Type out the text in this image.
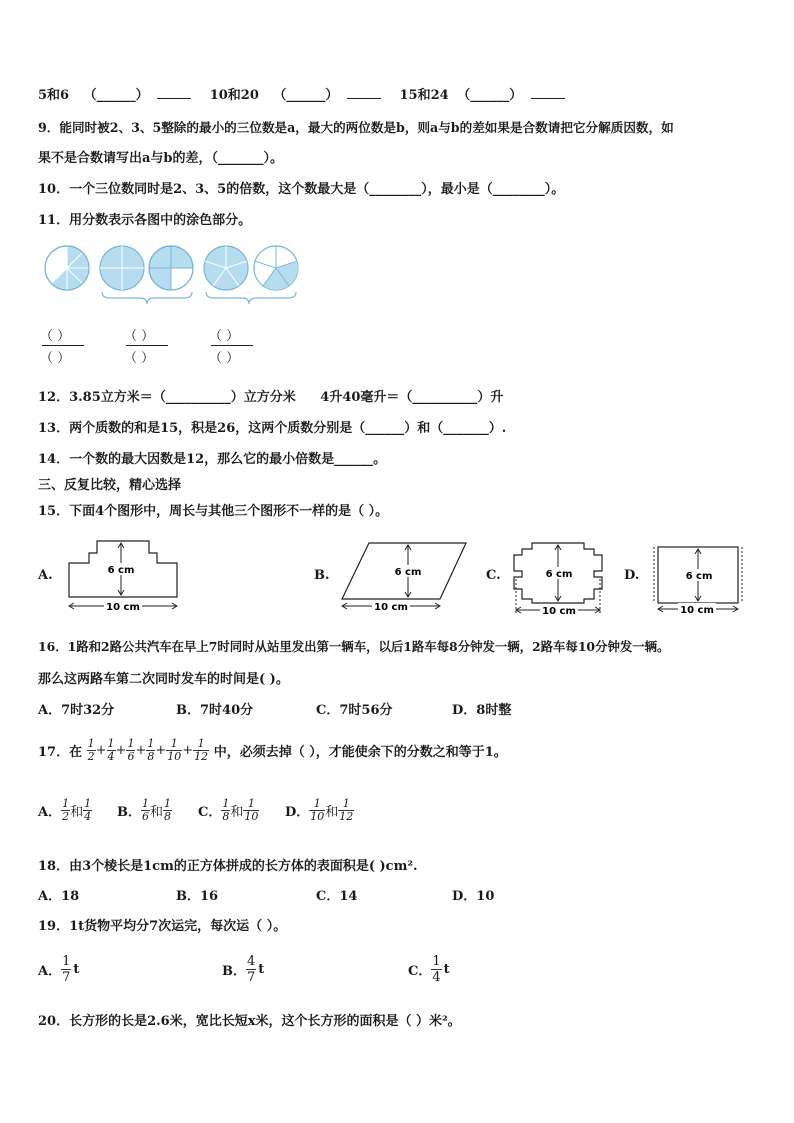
5和6 （______）	10和20 （______）	15和24 （______）
9．能同时被2、3、5整除的最小的三位数是a，最大的两位数是b，则a与b的差如果是合数请把它分解质因数，如
果不是合数请写出a与b的差，（_______）。
10．一个三位数同时是2、3、5的倍数，这个数最大是（________），最小是（________）。
11．用分数表示各图中的涂色部分。
（ ）
（ ）
（ ）
（ ）
（ ）
（ ）
12．3.85立方米＝（__________）立方分米 4升40毫升＝（__________）升
13．两个质数的和是15，积是26，这两个质数分别是（______）和（_______）.
14．一个数的最大因数是12，那么它的最小倍数是______。
三、反复比较，精心选择
15．下面4个图形中，周长与其他三个图形不一样的是（ ）。
A.	6 cm
10 cm
B.	6 cm
10 cm
C.	6 cm
10 cm
D.	6 cm
10 cm
16．1路和2路公共汽车在早上7时同时从站里发出第一辆车，以后1路车每8分钟发一辆，2路车每10分钟发一辆。
那么这两路车第二次同时发车的时间是( )。
A．7时32分	B．7时40分	C．7时56分	D．8时整
17．在 $\frac{1}{2} + \frac{1}{4} + \frac{1}{6} + \frac{1}{8} + \frac{1}{10} + \frac{1}{12}$ 中，必须去掉（ ），才能使余下的分数之和等于1。
A． $\frac{1}{2}$ 和 $\frac{1}{4}$ B． $\frac{1}{6}$ 和 $\frac{1}{8}$ C． $\frac{1}{8}$ 和 $\frac{1}{10}$ D． $\frac{1}{10}$ 和 $\frac{1}{12}$
18．由3个棱长是1cm的正方体拼成的长方体的表面积是( )cm².
A．18	B．16	C．14	D．10
19．1t货物平均分7次运完，每次运（ ）。
A． $\frac{1}{7}$ t	B． $\frac{4}{7}$ t	C． $\frac{1}{4}$ t
20．长方形的长是2.6米，宽比长短x米，这个长方形的面积是（ ）米²。
